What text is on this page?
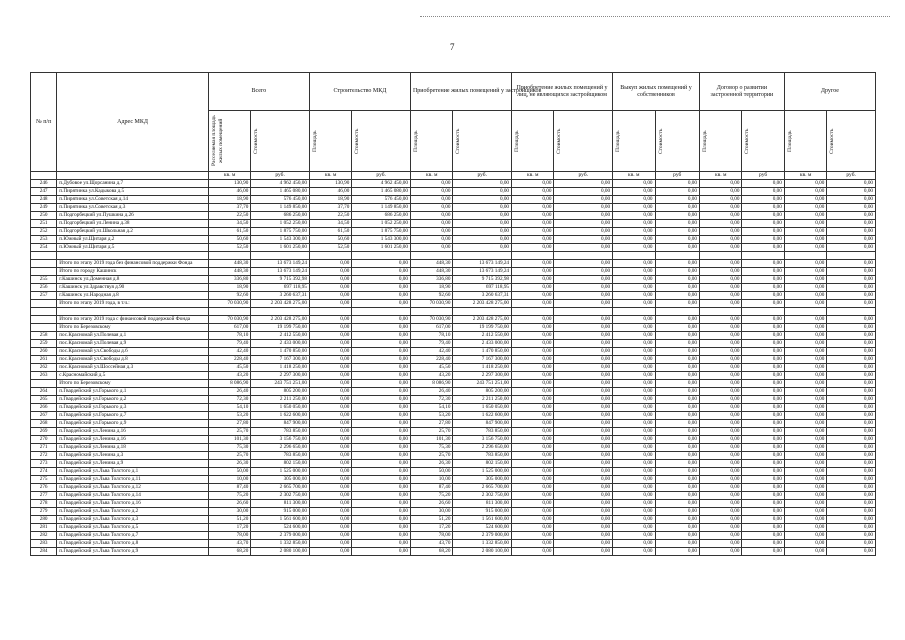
7
№ п/п	Адрес МКД	Всего		Строительство МКД		Приобретение жилых помещений у застройщиков		Приобретение жилых помещений у лиц, не являющихся застройщиком		Выкуп жилых помещений у собственников		Договор о развитии застроенной территории		Другое	

		Расселяемая площадь жилых помещений	Стоимость	Площадь	Стоимость	Площадь	Стоимость	Площадь	Стоимость	Площадь	Стоимость	Площадь	Стоимость	Площадь	Стоимость

		кв. м	руб.	кв. м	руб.	кв. м	руб.	кв. м	руб.	кв. м	руб	кв. м	руб	кв. м	руб.
246	п.Дубовое ул.Щорсанина д.7	130,90	4 962 450,00	130,90	4 962 450,00	0,00	0,00	0,00	0,00	0,00	0,00	0,00	0,00	0,00	0,00
247	п.Пирятинка ул.Кадыкова д.5	46,00	1 465 080,00	46,00	1 465 080,00	0,00	0,00	0,00	0,00	0,00	0,00	0,00	0,00	0,00	0,00
248	п.Пирятинка ул.Советская д.14	18,90	576 450,00	18,90	576 450,00	0,00	0,00	0,00	0,00	0,00	0,00	0,00	0,00	0,00	0,00
249	п.Пирятинка ул.Советская д.3	37,70	1 149 850,00	37,70	1 149 850,00	0,00	0,00	0,00	0,00	0,00	0,00	0,00	0,00	0,00	0,00
250	п.Подгорбецкий ул.Пушкина д.26	22,50	686 250,00	22,50	686 250,00	0,00	0,00	0,00	0,00	0,00	0,00	0,00	0,00	0,00	0,00
251	п.Подгорбецкий ул.Ленина д.38	34,50	1 052 250,00	34,50	1 052 250,00	0,00	0,00	0,00	0,00	0,00	0,00	0,00	0,00	0,00	0,00
252	п.Подгорбецкий ул.Школьная д.2	61,50	1 875 750,00	61,50	1 875 750,00	0,00	0,00	0,00	0,00	0,00	0,00	0,00	0,00	0,00	0,00
253	п.Южный ул.Щитаря д.2	50,60	1 543 300,00	50,60	1 543 300,00	0,00	0,00	0,00	0,00	0,00	0,00	0,00	0,00	0,00	0,00
254	п.Южный ул.Щитаря д.5	52,50	1 601 250,00	52,50	1 601 250,00	0,00	0,00	0,00	0,00	0,00	0,00	0,00	0,00	0,00	0,00

	Итого по этапу 2019 года без финансовой поддержки Фонда	448,30	13 673 149,24	0,00	0,00	448,30	13 673 149,24	0,00	0,00	0,00	0,00	0,00	0,00	0,00	0,00
	Итого по городу Кашинск	448,30	13 673 149,24	0,00	0,00	448,30	13 673 149,24	0,00	0,00	0,00	0,00	0,00	0,00	0,00	0,00
255	г.Кашинск ул.Доменная д.8	336,80	9 715 392,98	0,00	0,00	336,80	9 715 392,98	0,00	0,00	0,00	0,00	0,00	0,00	0,00	0,00
256	г.Кашинск ул.Здравствуя д.90	18,90	697 118,95	0,00	0,00	18,90	697 118,95	0,00	0,00	0,00	0,00	0,00	0,00	0,00	0,00
257	г.Кашинск ул.Народная д.8	92,60	3 260 637,31	0,00	0,00	92,60	3 260 637,31	0,00	0,00	0,00	0,00	0,00	0,00	0,00	0,00
	Итого по этапу 2019 года, в т.ч.:	70 030,90	2 203 428 275,00	0,00	0,00	70 030,90	2 203 428 275,00	0,00	0,00	0,00	0,00	0,00	0,00	0,00	0,00

	Итого по этапу 2019 года с финансовой поддержкой Фонда	70 030,90	2 203 428 275,00	0,00	0,00	70 030,90	2 203 428 275,00	0,00	0,00	0,00	0,00	0,00	0,00	0,00	0,00
	Итого по Березовскому	617,00	19 199 750,00	0,00	0,00	617,00	19 199 750,00	0,00	0,00	0,00	0,00	0,00	0,00	0,00	0,00
258	пос.Красномай ул.Полевая д.1	78,10	2 412 550,00	0,00	0,00	78,10	2 412 550,00	0,00	0,00	0,00	0,00	0,00	0,00	0,00	0,00
259	пос.Красномай ул.Полевая д.9	79,40	2 433 000,00	0,00	0,00	79,40	2 433 000,00	0,00	0,00	0,00	0,00	0,00	0,00	0,00	0,00
260	пос.Красномай ул.Свободы д.6	42,40	1 470 850,00	0,00	0,00	42,40	1 470 850,00	0,00	0,00	0,00	0,00	0,00	0,00	0,00	0,00
261	пос.Красномай ул.Свободы д.8	228,40	7 167 300,00	0,00	0,00	228,40	7 167 300,00	0,00	0,00	0,00	0,00	0,00	0,00	0,00	0,00
262	пос.Красномай ул.Шоссейная д.3	45,50	1 418 250,00	0,00	0,00	45,50	1 418 250,00	0,00	0,00	0,00	0,00	0,00	0,00	0,00	0,00
263	с.Красномайский д.5	43,20	2 297 300,00	0,00	0,00	43,20	2 297 300,00	0,00	0,00	0,00	0,00	0,00	0,00	0,00	0,00
	Итого по Березовскому	8 086,90	243 751 251,00	0,00	0,00	8 086,90	243 751 251,00	0,00	0,00	0,00	0,00	0,00	0,00	0,00	0,00
264	п.Гвардейский ул.Горького д.1	26,40	805 200,00	0,00	0,00	26,40	805 200,00	0,00	0,00	0,00	0,00	0,00	0,00	0,00	0,00
265	п.Гвардейский ул.Горького д.2	72,30	2 211 250,00	0,00	0,00	72,30	2 211 250,00	0,00	0,00	0,00	0,00	0,00	0,00	0,00	0,00
266	п.Гвардейский ул.Горького д.3	54,10	1 650 050,00	0,00	0,00	54,10	1 650 050,00	0,00	0,00	0,00	0,00	0,00	0,00	0,00	0,00
267	п.Гвардейский ул.Горького д.7	53,20	1 622 600,00	0,00	0,00	53,20	1 622 600,00	0,00	0,00	0,00	0,00	0,00	0,00	0,00	0,00
268	п.Гвардейский ул.Горького д.9	27,80	847 900,00	0,00	0,00	27,80	847 900,00	0,00	0,00	0,00	0,00	0,00	0,00	0,00	0,00
269	п.Гвардейский ул.Ленина д.16	25,70	783 850,00	0,00	0,00	25,70	783 850,00	0,00	0,00	0,00	0,00	0,00	0,00	0,00	0,00
270	п.Гвардейский ул.Ленина д.16	101,30	3 156 750,00	0,00	0,00	101,30	3 156 750,00	0,00	0,00	0,00	0,00	0,00	0,00	0,00	0,00
271	п.Гвардейский ул.Ленина д.18	75,30	2 296 650,00	0,00	0,00	75,30	2 296 650,00	0,00	0,00	0,00	0,00	0,00	0,00	0,00	0,00
272	п.Гвардейский ул.Ленина д.3	25,70	783 850,00	0,00	0,00	25,70	783 850,00	0,00	0,00	0,00	0,00	0,00	0,00	0,00	0,00
273	п.Гвардейский ул.Ленина д.9	26,30	802 150,00	0,00	0,00	26,30	802 150,00	0,00	0,00	0,00	0,00	0,00	0,00	0,00	0,00
274	п.Гвардейский ул.Льва Толстого д.1	50,00	1 525 000,00	0,00	0,00	50,00	1 525 000,00	0,00	0,00	0,00	0,00	0,00	0,00	0,00	0,00
275	п.Гвардейский ул.Льва Толстого д.11	10,00	305 000,00	0,00	0,00	10,00	305 000,00	0,00	0,00	0,00	0,00	0,00	0,00	0,00	0,00
276	п.Гвардейский ул.Льва Толстого д.12	87,40	2 665 700,00	0,00	0,00	87,40	2 665 700,00	0,00	0,00	0,00	0,00	0,00	0,00	0,00	0,00
277	п.Гвардейский ул.Льва Толстого д.14	75,20	2 302 750,00	0,00	0,00	75,20	2 302 750,00	0,00	0,00	0,00	0,00	0,00	0,00	0,00	0,00
278	п.Гвардейский ул.Льва Толстого д.16	26,60	811 300,00	0,00	0,00	26,60	811 300,00	0,00	0,00	0,00	0,00	0,00	0,00	0,00	0,00
279	п.Гвардейский ул.Льва Толстого д.2	30,00	915 000,00	0,00	0,00	30,00	915 000,00	0,00	0,00	0,00	0,00	0,00	0,00	0,00	0,00
280	п.Гвардейский ул.Льва Толстого д.3	51,20	1 561 600,00	0,00	0,00	51,20	1 561 600,00	0,00	0,00	0,00	0,00	0,00	0,00	0,00	0,00
281	п.Гвардейский ул.Льва Толстого д.5	17,20	524 600,00	0,00	0,00	17,20	524 600,00	0,00	0,00	0,00	0,00	0,00	0,00	0,00	0,00
282	п.Гвардейский ул.Льва Толстого д.7	78,00	2 379 000,00	0,00	0,00	78,00	2 379 000,00	0,00	0,00	0,00	0,00	0,00	0,00	0,00	0,00
283	п.Гвардейский ул.Льва Толстого д.8	43,70	1 332 850,00	0,00	0,00	43,70	1 332 850,00	0,00	0,00	0,00	0,00	0,00	0,00	0,00	0,00
284	п.Гвардейский ул.Льва Толстого д.9	68,20	2 080 100,00	0,00	0,00	68,20	2 080 100,00	0,00	0,00	0,00	0,00	0,00	0,00	0,00	0,00
